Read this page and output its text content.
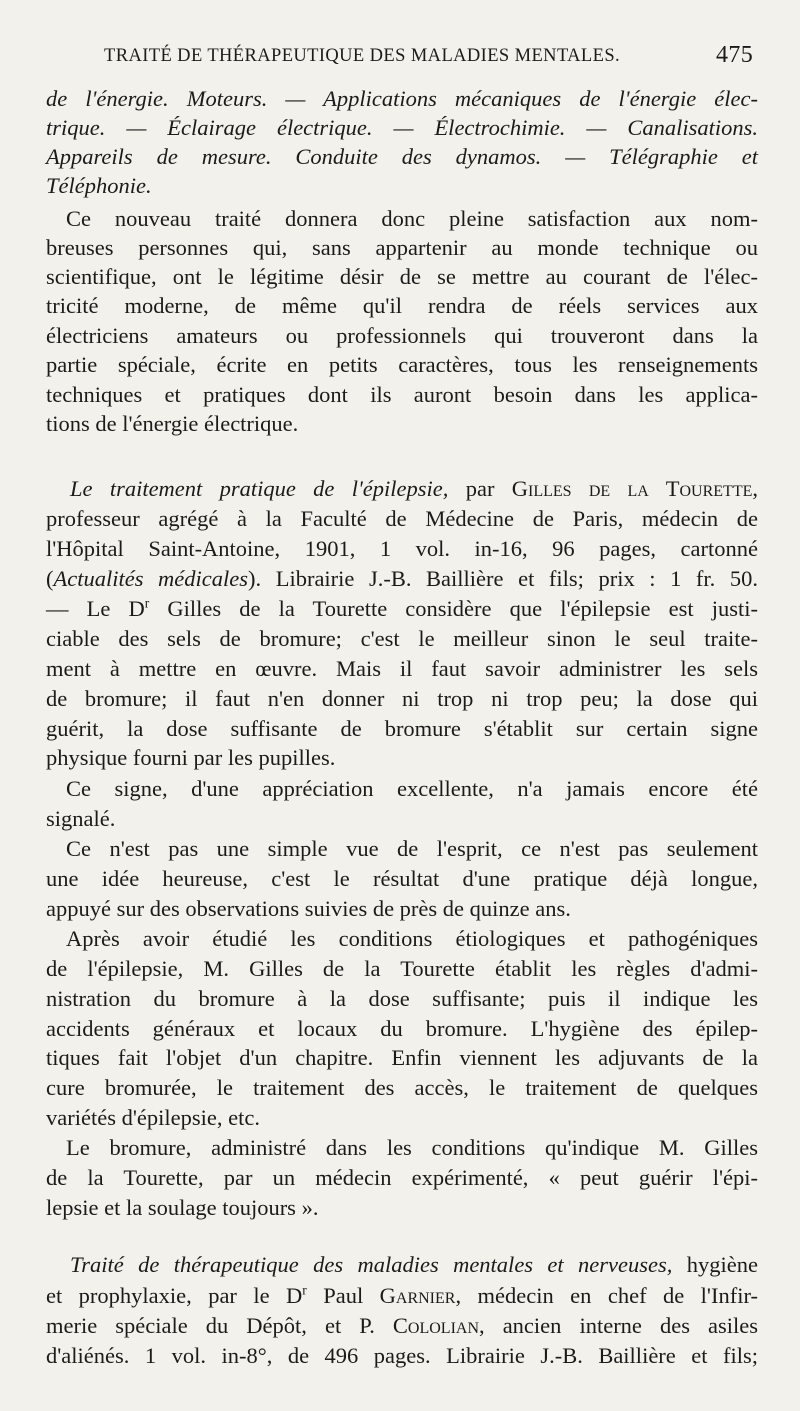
TRAITÉ DE THÉRAPEUTIQUE DES MALADIES MENTALES.	475
de l'énergie. Moteurs. — Applications mécaniques de l'énergie élec-
trique. — Éclairage électrique. — Électrochimie. — Canalisations.
Appareils de mesure. Conduite des dynamos. — Télégraphie et
Téléphonie.
Ce nouveau traité donnera donc pleine satisfaction aux nom-
breuses personnes qui, sans appartenir au monde technique ou
scientifique, ont le légitime désir de se mettre au courant de l'élec-
tricité moderne, de même qu'il rendra de réels services aux
électriciens amateurs ou professionnels qui trouveront dans la
partie spéciale, écrite en petits caractères, tous les renseignements
techniques et pratiques dont ils auront besoin dans les applica-
tions de l'énergie électrique.
Le traitement pratique de l'épilepsie, par Gilles de la Tourette,
professeur agrégé à la Faculté de Médecine de Paris, médecin de
l'Hôpital Saint-Antoine, 1901, 1 vol. in-16, 96 pages, cartonné
(Actualités médicales). Librairie J.-B. Baillière et fils; prix : 1 fr. 50.
— Le $D^r$ Gilles de la Tourette considère que l'épilepsie est justi-
ciable des sels de bromure; c'est le meilleur sinon le seul traite-
ment à mettre en œuvre. Mais il faut savoir administrer les sels
de bromure; il faut n'en donner ni trop ni trop peu; la dose qui
guérit, la dose suffisante de bromure s'établit sur certain signe
physique fourni par les pupilles.
Ce signe, d'une appréciation excellente, n'a jamais encore été
signalé.
Ce n'est pas une simple vue de l'esprit, ce n'est pas seulement
une idée heureuse, c'est le résultat d'une pratique déjà longue,
appuyé sur des observations suivies de près de quinze ans.
Après avoir étudié les conditions étiologiques et pathogéniques
de l'épilepsie, M. Gilles de la Tourette établit les règles d'admi-
nistration du bromure à la dose suffisante; puis il indique les
accidents généraux et locaux du bromure. L'hygiène des épilep-
tiques fait l'objet d'un chapitre. Enfin viennent les adjuvants de la
cure bromurée, le traitement des accès, le traitement de quelques
variétés d'épilepsie, etc.
Le bromure, administré dans les conditions qu'indique M. Gilles
de la Tourette, par un médecin expérimenté, « peut guérir l'épi-
lepsie et la soulage toujours ».
Traité de thérapeutique des maladies mentales et nerveuses, hygiène
et prophylaxie, par le $D^r$ Paul Garnier, médecin en chef de l'Infir-
merie spéciale du Dépôt, et P. Cololian, ancien interne des asiles
d'aliénés. 1 vol. in-8°, de 496 pages. Librairie J.-B. Baillière et fils;
